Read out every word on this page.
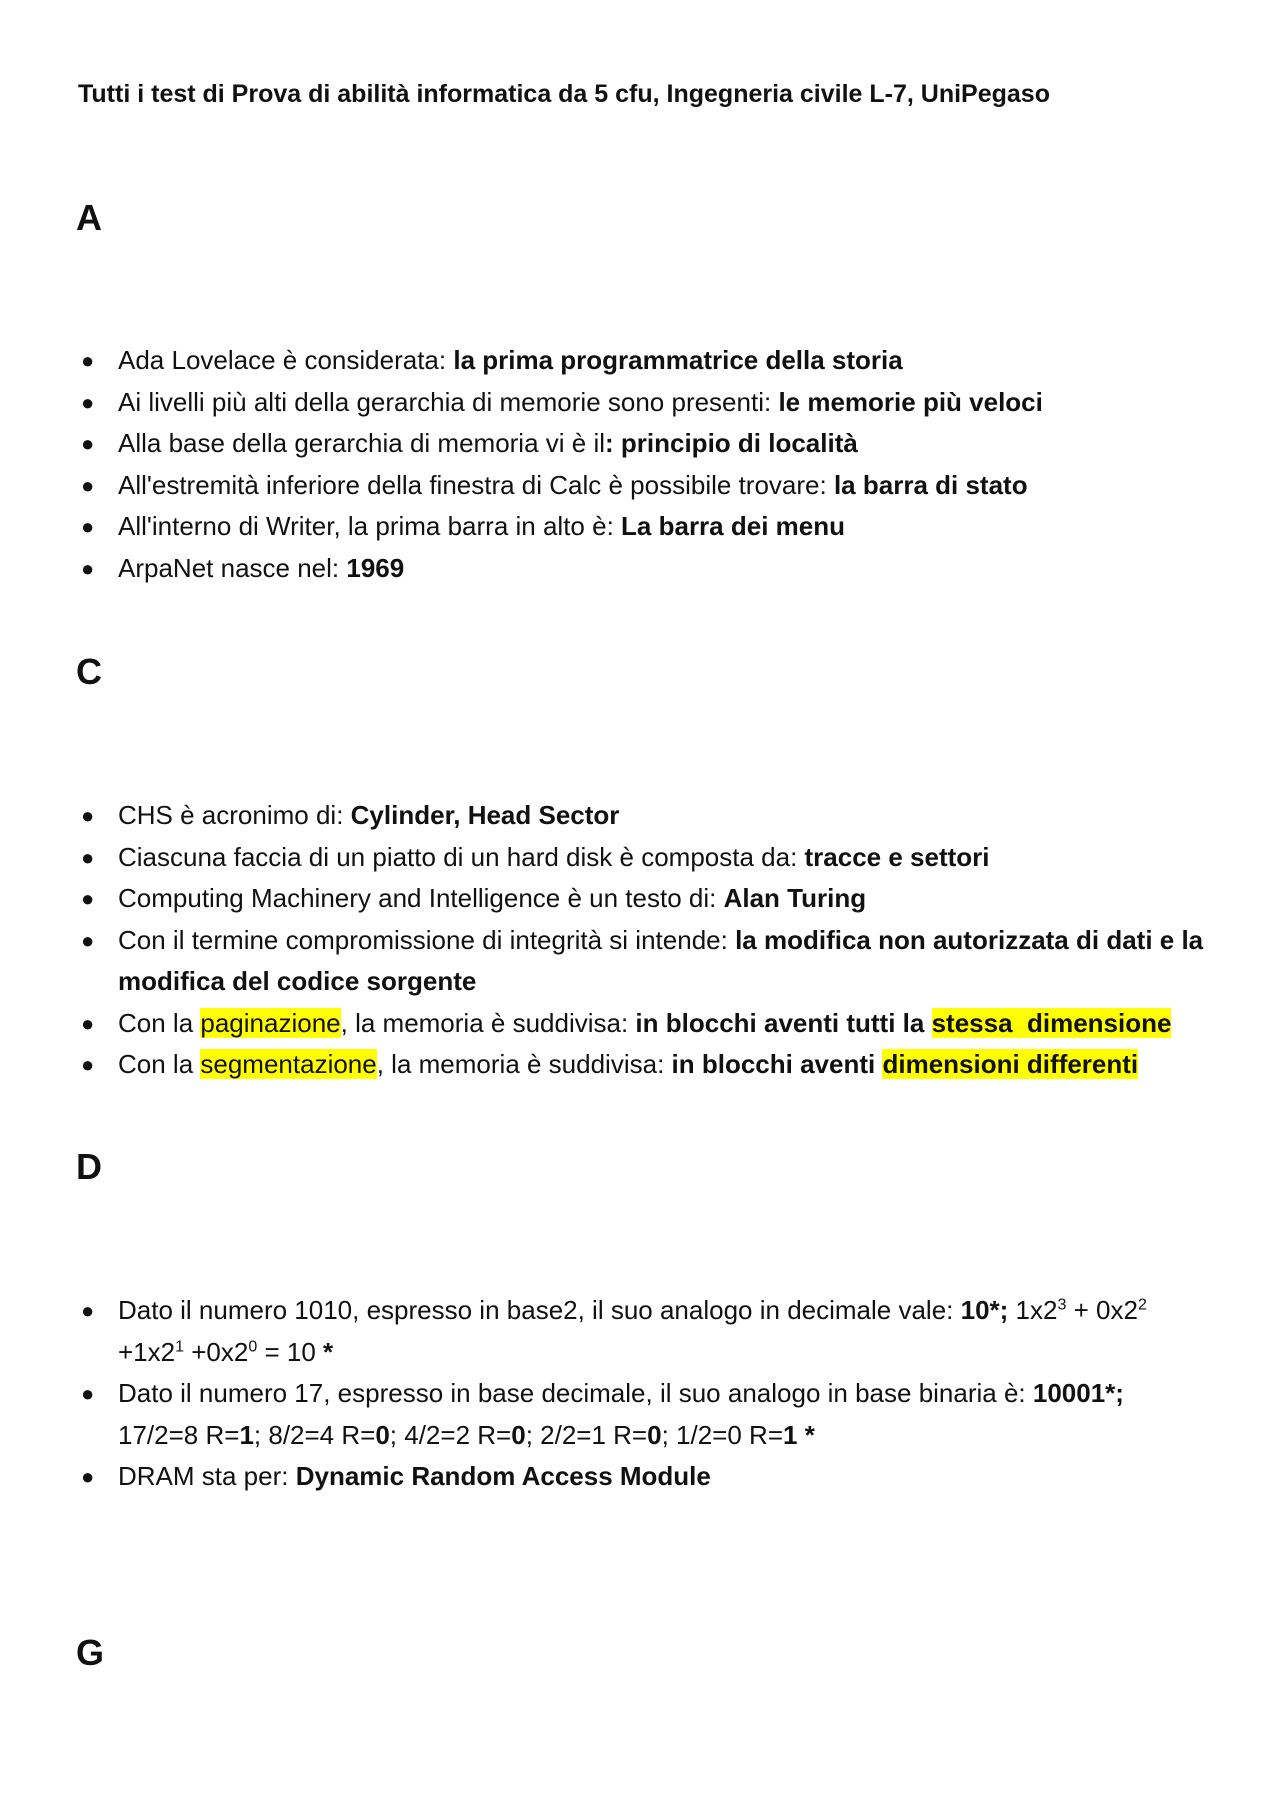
Tutti i test di Prova di abilità informatica da 5 cfu, Ingegneria civile L-7, UniPegaso

A
● Ada Lovelace è considerata: la prima programmatrice della storia
● Ai livelli più alti della gerarchia di memorie sono presenti: le memorie più veloci
● Alla base della gerarchia di memoria vi è il: principio di località
● All'estremità inferiore della finestra di Calc è possibile trovare: la barra di stato
● All'interno di Writer, la prima barra in alto è: La barra dei menu
● ArpaNet nasce nel: 1969
C
● CHS è acronimo di: Cylinder, Head Sector
● Ciascuna faccia di un piatto di un hard disk è composta da: tracce e settori
● Computing Machinery and Intelligence è un testo di: Alan Turing
● Con il termine compromissione di integrità si intende: la modifica non autorizzata di dati e la modifica del codice sorgente
● Con la paginazione, la memoria è suddivisa: in blocchi aventi tutti la stessa  dimensione
● Con la segmentazione, la memoria è suddivisa: in blocchi aventi dimensioni differenti
D
● Dato il numero 1010, espresso in base2, il suo analogo in decimale vale: 10*; $1x2^3 + 0x2^2 +1x2^1 +0x2^0 = 10$ *
● Dato il numero 17, espresso in base decimale, il suo analogo in base binaria è: 10001*;
17/2=8 R=1; 8/2=4 R=0; 4/2=2 R=0; 2/2=1 R=0; 1/2=0 R=1 *
● DRAM sta per: Dynamic Random Access Module
G
